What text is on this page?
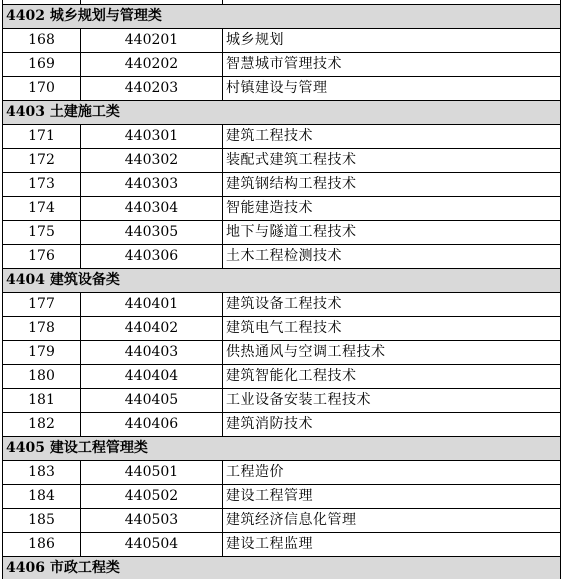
4402 城乡规划与管理类		
168	440201	城乡规划
169	440202	智慧城市管理技术
170	440203	村镇建设与管理
4403 土建施工类		
171	440301	建筑工程技术
172	440302	装配式建筑工程技术
173	440303	建筑钢结构工程技术
174	440304	智能建造技术
175	440305	地下与隧道工程技术
176	440306	土木工程检测技术
4404 建筑设备类		
177	440401	建筑设备工程技术
178	440402	建筑电气工程技术
179	440403	供热通风与空调工程技术
180	440404	建筑智能化工程技术
181	440405	工业设备安装工程技术
182	440406	建筑消防技术
4405 建设工程管理类		
183	440501	工程造价
184	440502	建设工程管理
185	440503	建筑经济信息化管理
186	440504	建设工程监理
4406 市政工程类		
